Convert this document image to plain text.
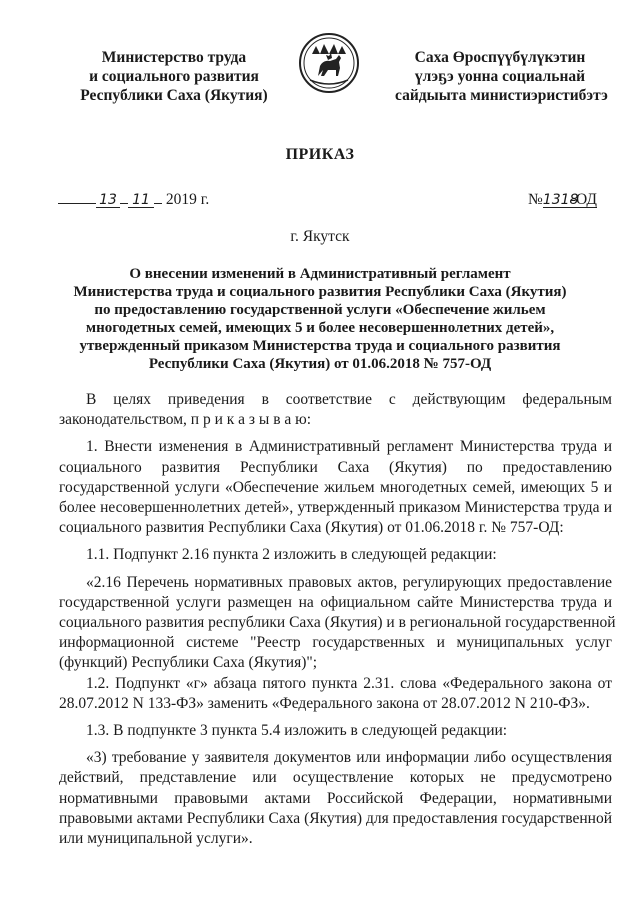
Министерство труда
и социального развития
Республики Саха (Якутия)
Саха Өроспүүбүлүкэтин
үлэҕэ уонна социальнай
сайдыыта министиэристибэтэ
ПРИКАЗ
13 11 2019 г.	№1318-ОД
г. Якутск
О внесении изменений в Административный регламент
Министерства труда и социального развития Республики Саха (Якутия)
по предоставлению государственной услуги «Обеспечение жильем
многодетных семей, имеющих 5 и более несовершеннолетних детей»,
утвержденный приказом Министерства труда и социального развития
Республики Саха (Якутия) от 01.06.2018 № 757-ОД

В целях приведения в соответствие с действующим федеральным

законодательством, п р и к а з ы в а ю:

1. Внести изменения в Административный регламент Министерства труда и

социального развития Республики Саха (Якутия) по предоставлению

государственной услуги «Обеспечение жильем многодетных семей, имеющих 5 и

более несовершеннолетних детей», утвержденный приказом Министерства труда и

социального развития Республики Саха (Якутия) от 01.06.2018 г. № 757-ОД:

1.1. Подпункт 2.16 пункта 2 изложить в следующей редакции:

«2.16 Перечень нормативных правовых актов, регулирующих предоставление

государственной услуги размещен на официальном сайте Министерства труда и

социального развития республики Саха (Якутия) и в региональной государственной

информационной системе "Реестр государственных и муниципальных услуг

(функций) Республики Саха (Якутия)";

1.2. Подпункт «г» абзаца пятого пункта 2.31. слова «Федерального закона от

28.07.2012 N 133-ФЗ» заменить «Федерального закона от 28.07.2012 N 210-ФЗ».

1.3. В подпункте 3 пункта 5.4 изложить в следующей редакции:

«3) требование у заявителя документов или информации либо осуществления

действий, представление или осуществление которых не предусмотрено

нормативными правовыми актами Российской Федерации, нормативными

правовыми актами Республики Саха (Якутия) для предоставления государственной

или муниципальной услуги».
